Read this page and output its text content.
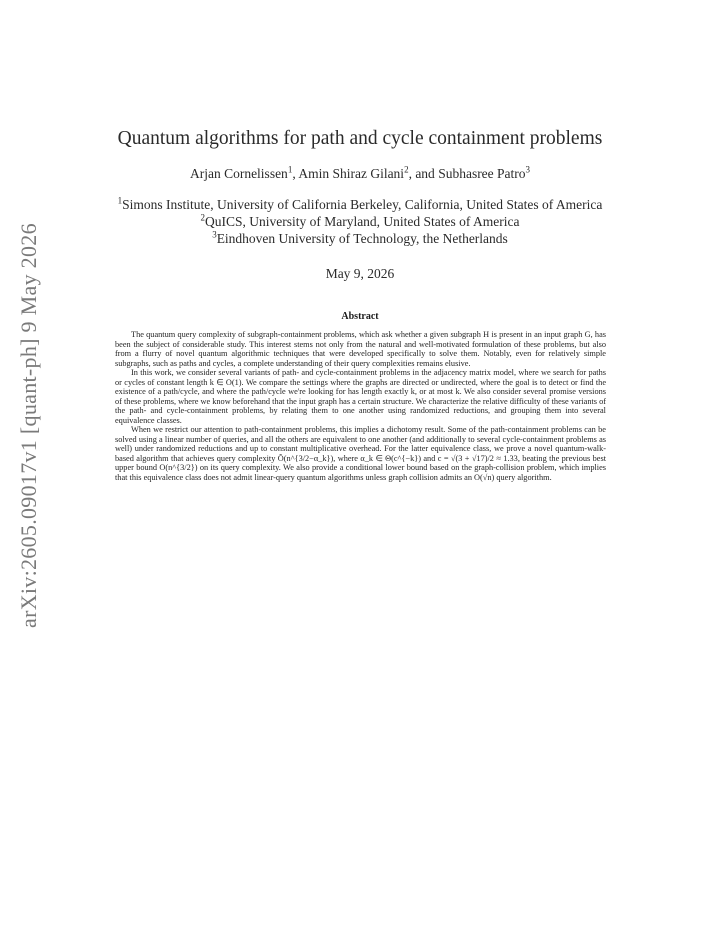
arXiv:2605.09017v1 [quant-ph] 9 May 2026
Quantum algorithms for path and cycle containment problems
Arjan Cornelissen$^1$, Amin Shiraz Gilani$^2$, and Subhasree Patro$^3$
$^1$Simons Institute, University of California Berkeley, California, United States of America
$^2$QuICS, University of Maryland, United States of America
$^3$Eindhoven University of Technology, the Netherlands
May 9, 2026
Abstract

The quantum query complexity of subgraph-containment problems, which ask whether a given subgraph H is present in an input graph G, has been the subject of considerable study. This interest stems not only from the natural and well-motivated formulation of these problems, but also from a flurry of novel quantum algorithmic techniques that were developed specifically to solve them. Notably, even for relatively simple subgraphs, such as paths and cycles, a complete understanding of their query complexities remains elusive.

In this work, we consider several variants of path- and cycle-containment problems in the adjacency matrix model, where we search for paths or cycles of constant length k ∈ O(1). We compare the settings where the graphs are directed or undirected, where the goal is to detect or find the existence of a path/cycle, and where the path/cycle we're looking for has length exactly k, or at most k. We also consider several promise versions of these problems, where we know beforehand that the input graph has a certain structure. We characterize the relative difficulty of these variants of the path- and cycle-containment problems, by relating them to one another using randomized reductions, and grouping them into several equivalence classes.

When we restrict our attention to path-containment problems, this implies a dichotomy result. Some of the path-containment problems can be solved using a linear number of queries, and all the others are equivalent to one another (and additionally to several cycle-containment problems as well) under randomized reductions and up to constant multiplicative overhead. For the latter equivalence class, we prove a novel quantum-walk-based algorithm that achieves query complexity Õ(n^{3/2−α_k}), where α_k ∈ Θ(c^{−k}) and c = √(3 + √17)/2 ≈ 1.33, beating the previous best upper bound O(n^{3/2}) on its query complexity. We also provide a conditional lower bound based on the graph-collision problem, which implies that this equivalence class does not admit linear-query quantum algorithms unless graph collision admits an O(√n) query algorithm.
